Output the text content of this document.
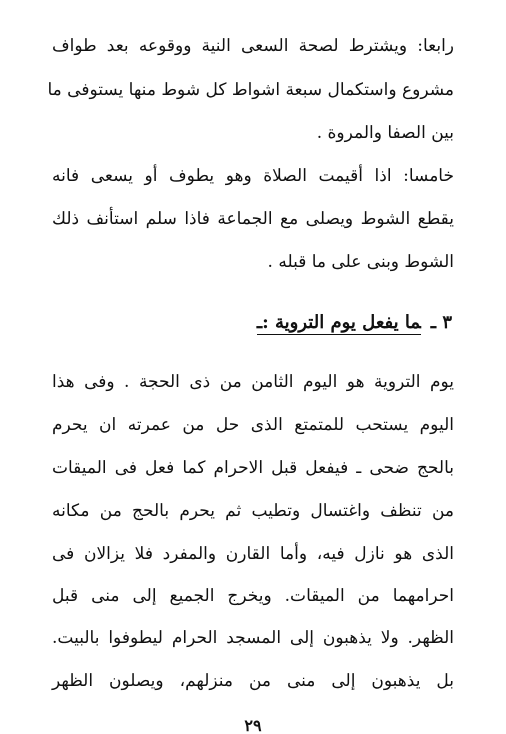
رابعا: ويشترط لصحة السعى النية ووقوعه بعد طواف
مشروع واستكمال سبعة اشواط كل شوط منها يستوفى ما
بين الصفا والمروة .
خامسا: اذا أقيمت الصلاة وهو يطوف أو يسعى فانه
يقطع الشوط ويصلى مع الجماعة فاذا سلم استأنف ذلك
الشوط وبنى على ما قبله .
٣ ـما يفعل يوم التروية :ـ
يوم التروية هو اليوم الثامن من ذى الحجة . وفى هذا
اليوم يستحب للمتمتع الذى حل من عمرته ان يحرم
بالحج ضحى ـ فيفعل قبل الاحرام كما فعل فى الميقات
من تنظف واغتسال وتطيب ثم يحرم بالحج من مكانه
الذى هو نازل فيه، وأما القارن والمفرد فلا يزالان فى
احرامهما من الميقات. ويخرج الجميع إلى منى قبل
الظهر. ولا يذهبون إلى المسجد الحرام ليطوفوا بالبيت.
بل يذهبون إلى منى من منزلهم، ويصلون الظهر
٢٩
